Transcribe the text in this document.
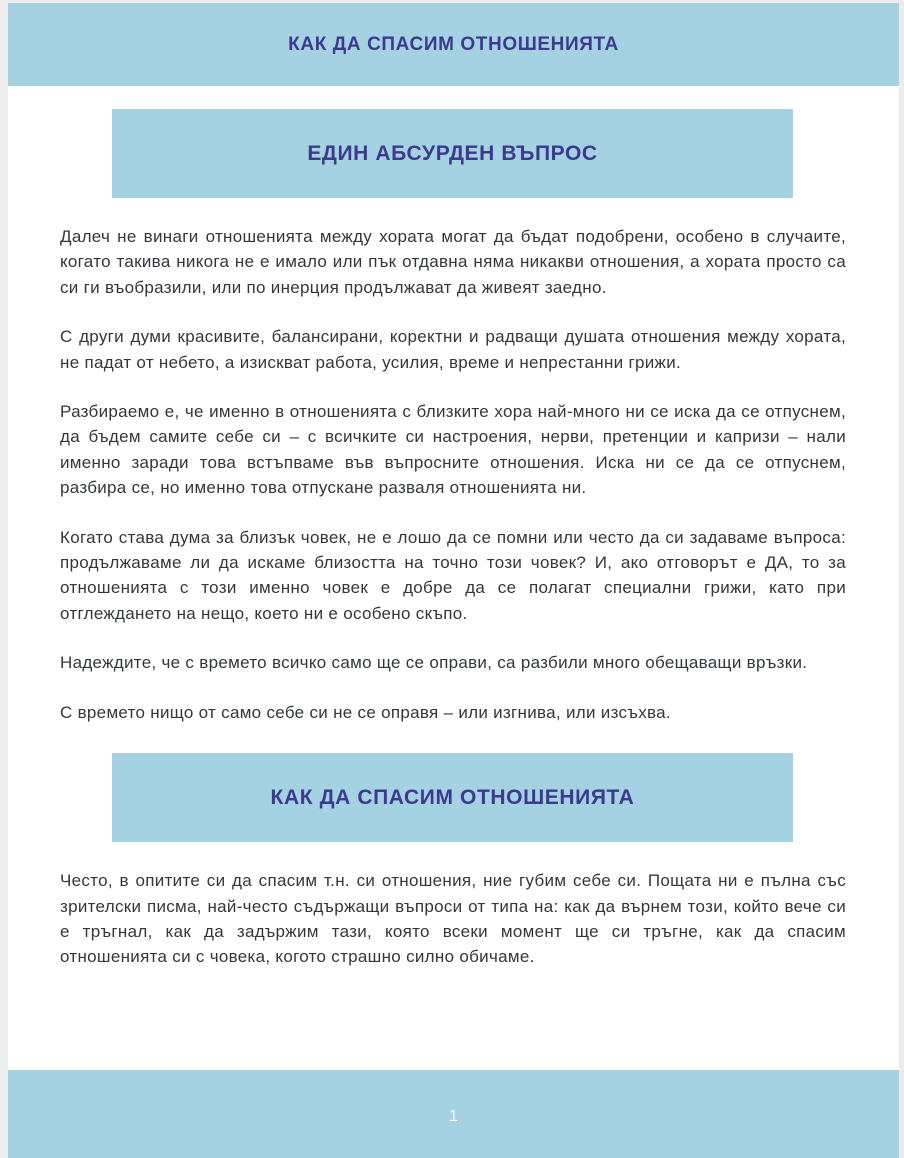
КАК ДА СПАСИМ ОТНОШЕНИЯТА
ЕДИН АБСУРДЕН ВЪПРОС

Далеч не винаги отношенията между хората могат да бъдат подобрени, особено в случаите, когато такива никога не е имало или пък отдавна няма никакви отношения, а хората просто са си ги въобразили, или по инерция продължават да живеят заедно.

С други думи красивите, балансирани, коректни и радващи душата отношения между хората, не падат от небето, а изискват работа, усилия, време и непрестанни грижи.

Разбираемо е, че именно в отношенията с близките хора най-много ни се иска да се отпуснем, да бъдем самите себе си – с всичките си настроения, нерви, претенции и капризи – нали именно заради това встъпваме във въпросните отношения. Иска ни се да се отпуснем, разбира се, но именно това отпускане разваля отношенията ни.

Когато става дума за близък човек, не е лошо да се помни или често да си задаваме въпроса: продължаваме ли да искаме близостта на точно този човек? И, ако отговорът е ДА, то за отношенията с този именно човек е добре да се полагат специални грижи, като при отглеждането на нещо, което ни е особено скъпо.

Надеждите, че с времето всичко само ще се оправи, са разбили много обещаващи връзки.

С времето нищо от само себе си не се оправя – или изгнива, или изсъхва.

КАК ДА СПАСИМ ОТНОШЕНИЯТА

Често, в опитите си да спасим т.н. си отношения, ние губим себе си. Пощата ни е пълна със зрителски писма, най-често съдържащи въпроси от типа на: как да върнем този, който вече си е тръгнал, как да задържим тази, която всеки момент ще си тръгне, как да спасим отношенията си с човека, когото страшно силно обичаме.

1
